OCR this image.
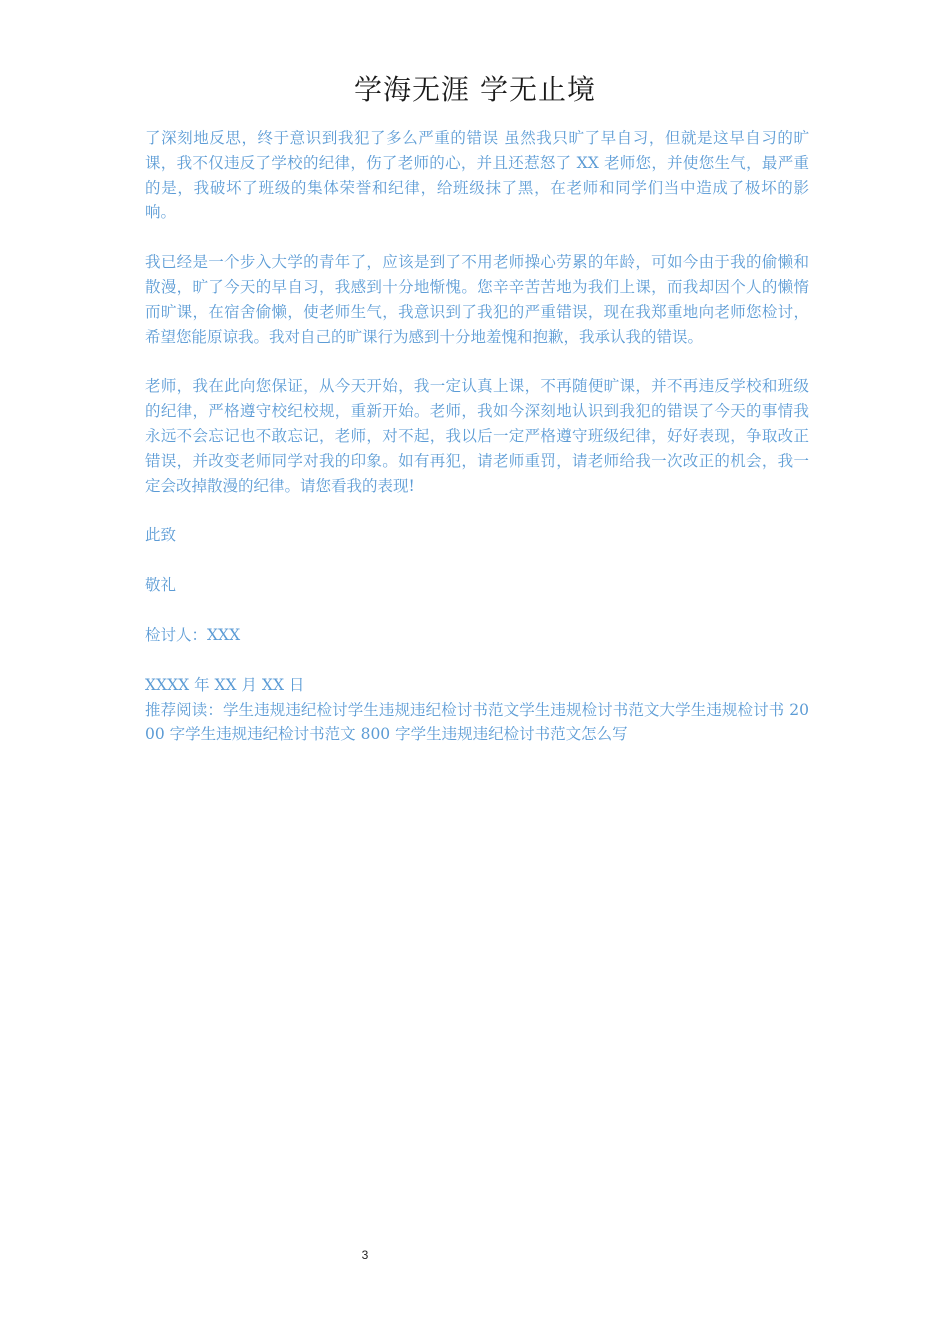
学海无涯 学无止境

了深刻地反思，终于意识到我犯了多么严重的错误 虽然我只旷了早自习，但就是这早自习的旷课，我不仅违反了学校的纪律，伤了老师的心，并且还惹怒了 XX 老师您，并使您生气，最严重的是，我破坏了班级的集体荣誉和纪律，给班级抹了黑，在老师和同学们当中造成了极坏的影响。

我已经是一个步入大学的青年了，应该是到了不用老师操心劳累的年龄，可如今由于我的偷懒和散漫，旷了今天的早自习，我感到十分地惭愧。您辛辛苦苦地为我们上课，而我却因个人的懒惰而旷课，在宿舍偷懒，使老师生气，我意识到了我犯的严重错误，现在我郑重地向老师您检讨，希望您能原谅我。我对自己的旷课行为感到十分地羞愧和抱歉，我承认我的错误。

老师，我在此向您保证，从今天开始，我一定认真上课，不再随便旷课，并不再违反学校和班级的纪律，严格遵守校纪校规，重新开始。老师，我如今深刻地认识到我犯的错误了今天的事情我永远不会忘记也不敢忘记，老师，对不起，我以后一定严格遵守班级纪律，好好表现，争取改正错误，并改变老师同学对我的印象。如有再犯，请老师重罚，请老师给我一次改正的机会，我一定会改掉散漫的纪律。请您看我的表现!

此致

敬礼

检讨人：XXX

XXXX 年 XX 月 XX 日

推荐阅读：学生违规违纪检讨学生违规违纪检讨书范文学生违规检讨书范文大学生违规检讨书 2000 字学生违规违纪检讨书范文 800 字学生违规违纪检讨书范文怎么写

3
